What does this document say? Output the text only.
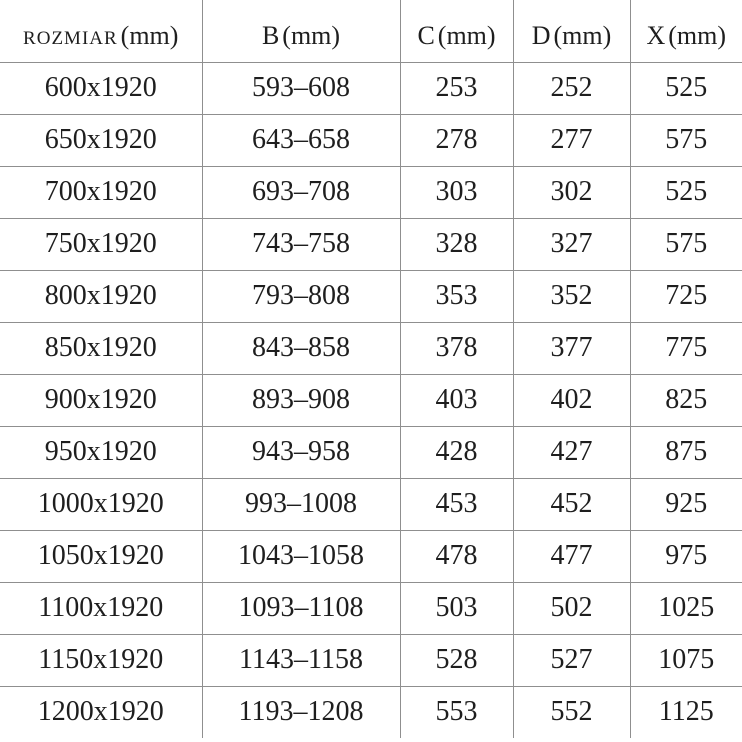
ROZMIAR (mm)	B (mm)	C (mm)	D (mm)	X (mm)
600x1920	593–608	253	252	525
650x1920	643–658	278	277	575
700x1920	693–708	303	302	525
750x1920	743–758	328	327	575
800x1920	793–808	353	352	725
850x1920	843–858	378	377	775
900x1920	893–908	403	402	825
950x1920	943–958	428	427	875
1000x1920	993–1008	453	452	925
1050x1920	1043–1058	478	477	975
1100x1920	1093–1108	503	502	1025
1150x1920	1143–1158	528	527	1075
1200x1920	1193–1208	553	552	1125
